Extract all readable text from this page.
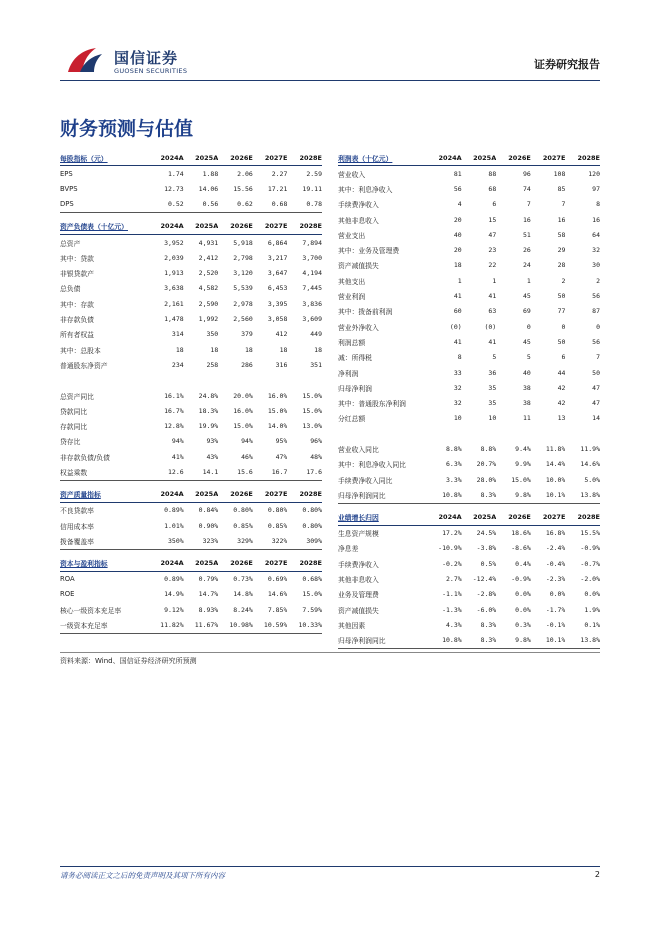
国信证券
GUOSEN SECURITIES	证券研究报告
财务预测与估值
每股指标（元）	2024A	2025A	2026E	2027E	2028E
EPS	1.74	1.88	2.06	2.27	2.59
BVPS	12.73	14.06	15.56	17.21	19.11
DPS	0.52	0.56	0.62	0.68	0.78
资产负债表（十亿元）	2024A	2025A	2026E	2027E	2028E
总资产	3,952	4,931	5,918	6,864	7,894
其中：贷款	2,039	2,412	2,798	3,217	3,700
非银贷款产	1,913	2,520	3,120	3,647	4,194
总负债	3,638	4,582	5,539	6,453	7,445
其中：存款	2,161	2,590	2,978	3,395	3,836
非存款负债	1,478	1,992	2,560	3,058	3,609
所有者权益	314	350	379	412	449
其中：总股本	18	18	18	18	18
普通股东净资产	234	258	286	316	351

总资产同比	16.1%	24.8%	20.0%	16.0%	15.0%
贷款同比	16.7%	18.3%	16.0%	15.0%	15.0%
存款同比	12.8%	19.9%	15.0%	14.0%	13.0%
贷存比	94%	93%	94%	95%	96%
非存款负债/负债	41%	43%	46%	47%	48%
权益乘数	12.6	14.1	15.6	16.7	17.6
资产质量指标	2024A	2025A	2026E	2027E	2028E
不良贷款率	0.89%	0.84%	0.80%	0.80%	0.80%
信用成本率	1.01%	0.90%	0.85%	0.85%	0.80%
拨备覆盖率	350%	323%	329%	322%	309%
资本与盈利指标	2024A	2025A	2026E	2027E	2028E
ROA	0.89%	0.79%	0.73%	0.69%	0.68%
ROE	14.9%	14.7%	14.8%	14.6%	15.0%
核心一级资本充足率	9.12%	8.93%	8.24%	7.85%	7.59%
一级资本充足率	11.82%	11.67%	10.98%	10.59%	10.33%
利润表（十亿元）	2024A	2025A	2026E	2027E	2028E
营业收入	81	88	96	108	120
其中：利息净收入	56	68	74	85	97
手续费净收入	4	6	7	7	8
其他非息收入	20	15	16	16	16
营业支出	40	47	51	58	64
其中：业务及管理费	20	23	26	29	32
资产减值损失	18	22	24	28	30
其他支出	1	1	1	2	2
营业利润	41	41	45	50	56
其中：拨备前利润	60	63	69	77	87
营业外净收入	(0)	(0)	0	0	0
利润总额	41	41	45	50	56
减：所得税	8	5	5	6	7
净利润	33	36	40	44	50
归母净利润	32	35	38	42	47
其中：普通股东净利润	32	35	38	42	47
分红总额	10	10	11	13	14

营业收入同比	8.8%	8.8%	9.4%	11.8%	11.9%
其中：利息净收入同比	6.3%	20.7%	9.9%	14.4%	14.6%
手续费净收入同比	3.3%	28.0%	15.0%	10.0%	5.0%
归母净利润同比	10.8%	8.3%	9.8%	10.1%	13.8%
业绩增长归因	2024A	2025A	2026E	2027E	2028E
生息资产规模	17.2%	24.5%	18.6%	16.8%	15.5%
净息差	-10.9%	-3.8%	-8.6%	-2.4%	-0.9%
手续费净收入	-0.2%	0.5%	0.4%	-0.4%	-0.7%
其他非息收入	2.7%	-12.4%	-0.9%	-2.3%	-2.0%
业务及管理费	-1.1%	-2.8%	0.0%	0.0%	0.0%
资产减值损失	-1.3%	-6.0%	0.0%	-1.7%	1.9%
其他因素	4.3%	8.3%	0.3%	-0.1%	0.1%
归母净利润同比	10.8%	8.3%	9.8%	10.1%	13.8%
资料来源：Wind、国信证券经济研究所预测
请务必阅读正文之后的免责声明及其项下所有内容	2
